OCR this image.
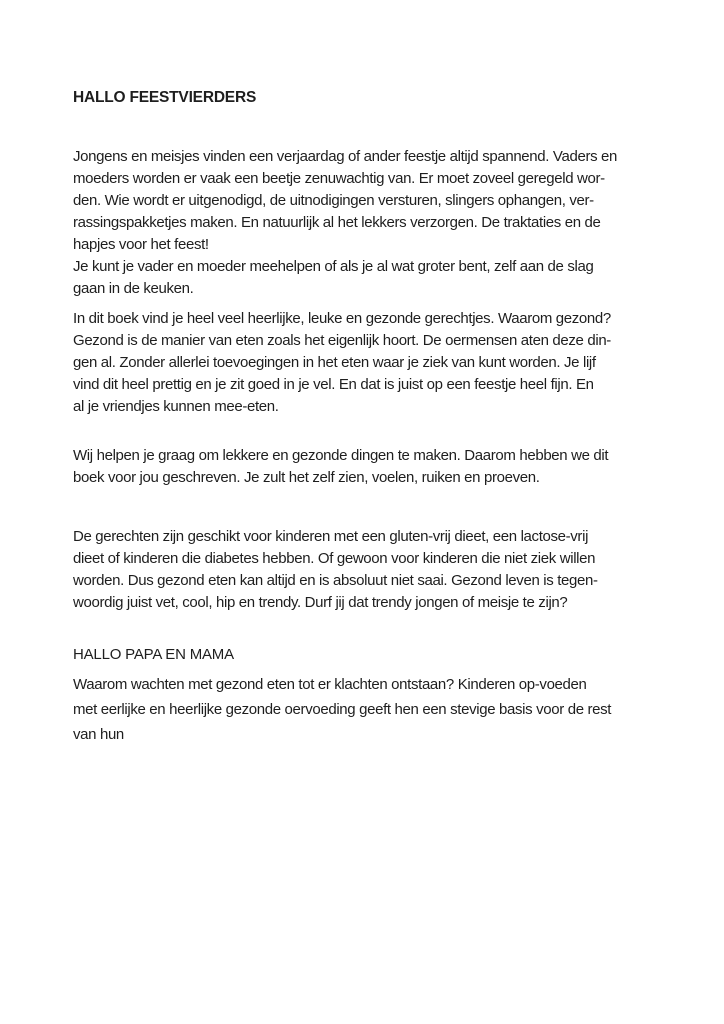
HALLO FEESTVIERDERS
Jongens en meisjes vinden een verjaardag of ander feestje altijd spannend. Vaders en
moeders worden er vaak een beetje zenuwachtig van. Er moet zoveel geregeld wor-
den. Wie wordt er uitgenodigd, de uitnodigingen versturen, slingers ophangen, ver-
rassingspakketjes maken. En natuurlijk al het lekkers verzorgen. De traktaties en de
hapjes voor het feest!
Je kunt je vader en moeder meehelpen of als je al wat groter bent, zelf aan de slag
gaan in de keuken.
In dit boek vind je heel veel heerlijke, leuke en gezonde gerechtjes. Waarom gezond?
Gezond is de manier van eten zoals het eigenlijk hoort. De oermensen aten deze din-
gen al. Zonder allerlei toevoegingen in het eten waar je ziek van kunt worden. Je lijf
vind dit heel prettig en je zit goed in je vel. En dat is juist op een feestje heel fijn. En
al je vriendjes kunnen mee-eten.
Wij helpen je graag om lekkere en gezonde dingen te maken. Daarom hebben we dit
boek voor jou geschreven. Je zult het zelf zien, voelen, ruiken en proeven.
De gerechten zijn geschikt voor kinderen met een gluten-vrij dieet, een lactose-vrij
dieet of kinderen die diabetes hebben. Of gewoon voor kinderen die niet ziek willen
worden. Dus gezond eten kan altijd en is absoluut niet saai. Gezond leven is tegen-
woordig juist vet, cool, hip en trendy. Durf jij dat trendy jongen of meisje te zijn?
HALLO PAPA EN MAMA
Waarom wachten met gezond eten tot er klachten ontstaan? Kinderen op-voeden
met eerlijke en heerlijke gezonde oervoeding geeft hen een stevige basis voor de rest
van hun
